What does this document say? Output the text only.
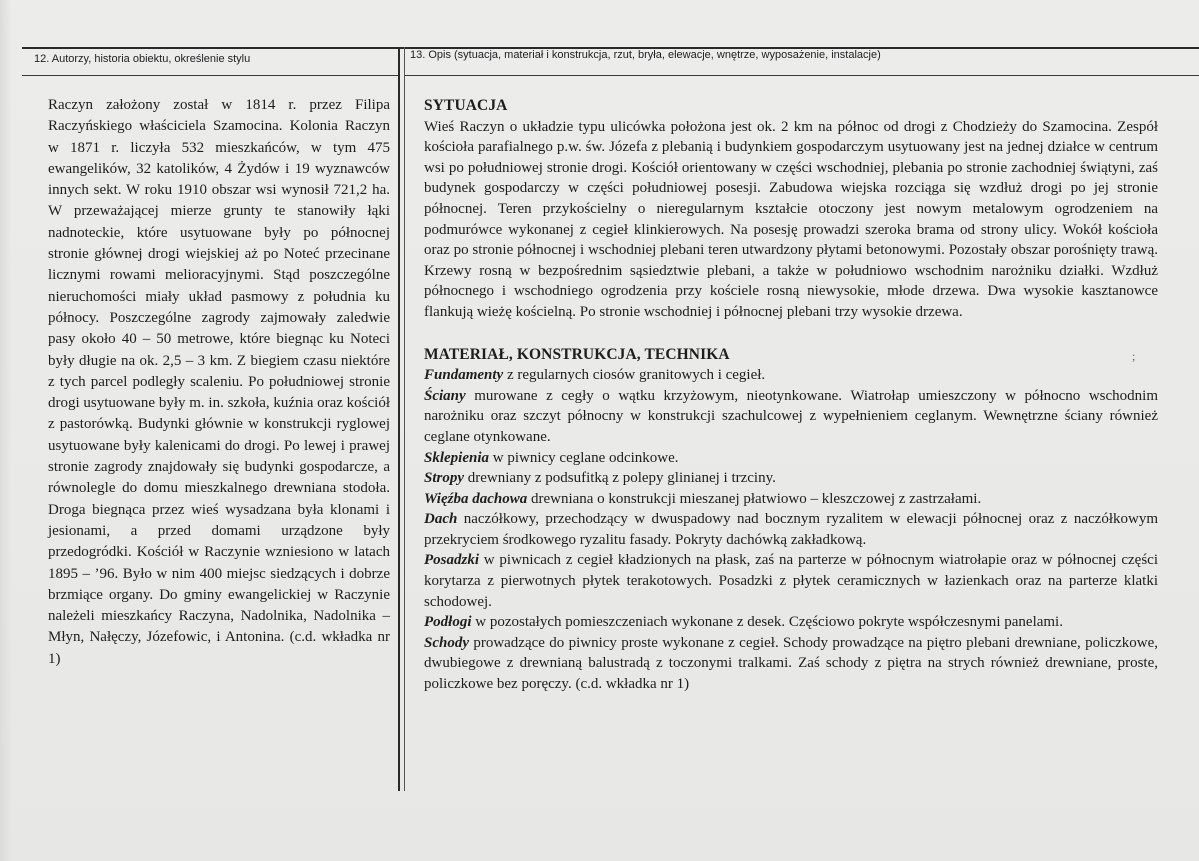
12. Autorzy, historia obiektu, określenie stylu	13. Opis (sytuacja, materiał i konstrukcja, rzut, bryła, elewacje, wnętrze, wyposażenie, instalacje)

Raczyn założony został w 1814 r. przez Filipa Raczyńskiego właściciela Szamocina. Kolonia Raczyn w 1871 r. liczyła 532 mieszkańców, w tym 475 ewangelików, 32 katolików, 4 Żydów i 19 wyznawców innych sekt. W roku 1910 obszar wsi wynosił 721,2 ha. W przeważającej mierze grunty te stanowiły łąki nadnoteckie, które usytuowane były po północnej stronie głównej drogi wiejskiej aż po Noteć przecinane licznymi rowami melioracyjnymi. Stąd poszczególne nieruchomości miały układ pasmowy z południa ku północy. Poszczególne zagrody zajmowały zaledwie pasy około 40 – 50 metrowe, które biegnąc ku Noteci były długie na ok. 2,5 – 3 km. Z biegiem czasu niektóre z tych parcel podległy scaleniu. Po południowej stronie drogi usytuowane były m. in. szkoła, kuźnia oraz kościół z pastorówką. Budynki głównie w konstrukcji ryglowej usytuowane były kalenicami do drogi. Po lewej i prawej stronie zagrody znajdowały się budynki gospodarcze, a równolegle do domu mieszkalnego drewniana stodoła. Droga biegnąca przez wieś wysadzana była klonami i jesionami, a przed domami urządzone były przedogródki. Kościół w Raczynie wzniesiono w latach 1895 – ’96. Było w nim 400 miejsc siedzących i dobrze brzmiące organy. Do gminy ewangelickiej w Raczynie należeli mieszkańcy Raczyna, Nadolnika, Nadolnika – Młyn, Nałęczy, Józefowic, i Antonina. (c.d. wkładka nr 1)

SYTUACJA

Wieś Raczyn o układzie typu ulicówka położona jest ok. 2 km na północ od drogi z Chodzieży do Szamocina. Zespół kościoła parafialnego p.w. św. Józefa z plebanią i budynkiem gospodarczym usytuowany jest na jednej działce w centrum wsi po południowej stronie drogi. Kościół orientowany w części wschodniej, plebania po stronie zachodniej świątyni, zaś budynek gospodarczy w części południowej posesji. Zabudowa wiejska rozciąga się wzdłuż drogi po jej stronie północnej. Teren przykościelny o nieregularnym kształcie otoczony jest nowym metalowym ogrodzeniem na podmurówce wykonanej z cegieł klinkierowych. Na posesję prowadzi szeroka brama od strony ulicy. Wokół kościoła oraz po stronie północnej i wschodniej plebani teren utwardzony płytami betonowymi. Pozostały obszar porośnięty trawą. Krzewy rosną w bezpośrednim sąsiedztwie plebani, a także w południowo wschodnim narożniku działki. Wzdłuż północnego i wschodniego ogrodzenia przy kościele rosną niewysokie, młode drzewa. Dwa wysokie kasztanowce flankują wieżę kościelną. Po stronie wschodniej i północnej plebani trzy wysokie drzewa.

MATERIAŁ, KONSTRUKCJA, TECHNIKA

Fundamenty z regularnych ciosów granitowych i cegieł.

Ściany murowane z cegły o wątku krzyżowym, nieotynkowane. Wiatrołap umieszczony w północno wschodnim narożniku oraz szczyt północny w konstrukcji szachulcowej z wypełnieniem ceglanym. Wewnętrzne ściany również ceglane otynkowane.

Sklepienia w piwnicy ceglane odcinkowe.

Stropy drewniany z podsufitką z polepy glinianej i trzciny.

Więźba dachowa drewniana o konstrukcji mieszanej płatwiowo – kleszczowej z zastrzałami.

Dach naczółkowy, przechodzący w dwuspadowy nad bocznym ryzalitem w elewacji północnej oraz z naczółkowym przekryciem środkowego ryzalitu fasady. Pokryty dachówką zakładkową.

Posadzki w piwnicach z cegieł kładzionych na płask, zaś na parterze w północnym wiatrołapie oraz w północnej części korytarza z pierwotnych płytek terakotowych. Posadzki z płytek ceramicznych w łazienkach oraz na parterze klatki schodowej.

Podłogi w pozostałych pomieszczeniach wykonane z desek. Częściowo pokryte współczesnymi panelami.

Schody prowadzące do piwnicy proste wykonane z cegieł. Schody prowadzące na piętro plebani drewniane, policzkowe, dwubiegowe z drewnianą balustradą z toczonymi tralkami. Zaś schody z piętra na strych również drewniane, proste, policzkowe bez poręczy. (c.d. wkładka nr 1)

;
